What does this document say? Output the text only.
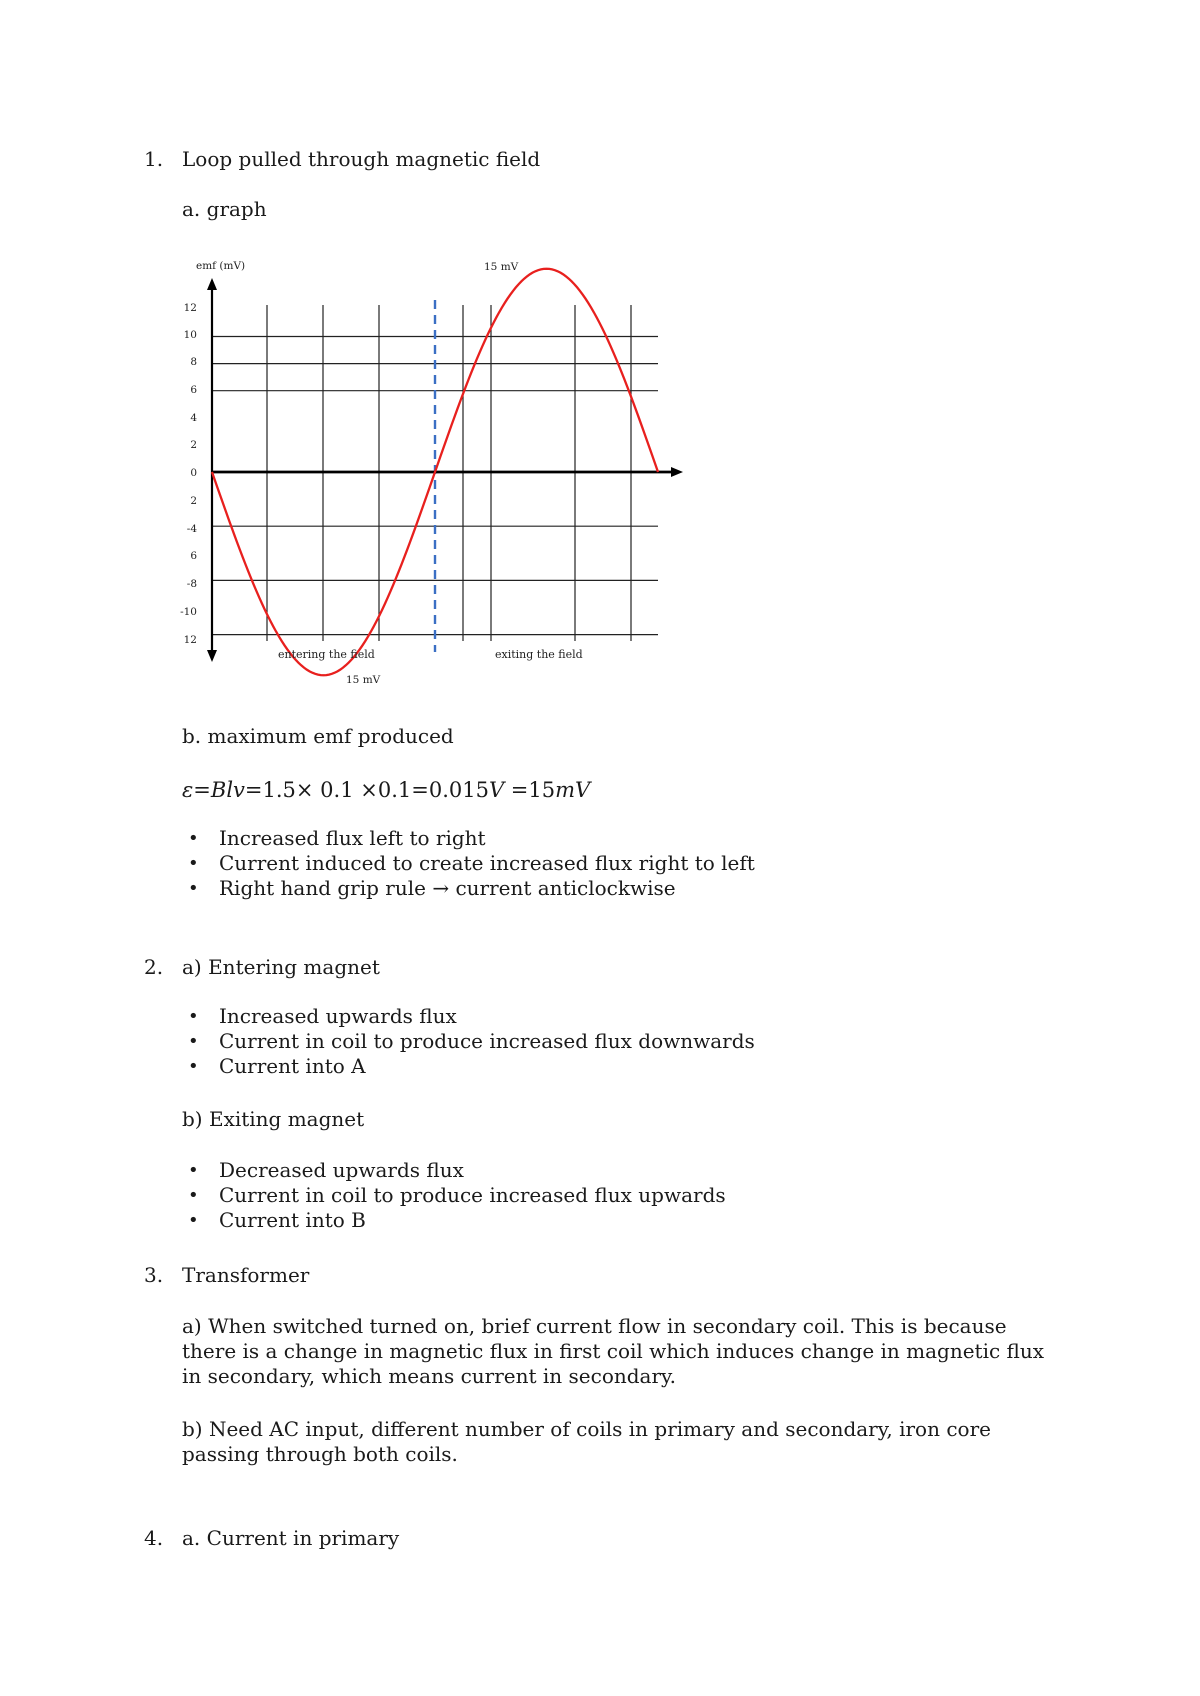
1. Loop pulled through magnetic field
a. graph
emf (mV)
12
10
8
6
4
2
0
2
-4
6
-8
-10
12
15 mV
15 mV
entering the field	exiting the field
b. maximum emf produced
ε=Blv=1.5× 0.1 ×0.1=0.015V =15mV
• Increased flux left to right
• Current induced to create increased flux right to left
• Right hand grip rule → current anticlockwise
2. a) Entering magnet
• Increased upwards flux
• Current in coil to produce increased flux downwards
• Current into A
b) Exiting magnet
• Decreased upwards flux
• Current in coil to produce increased flux upwards
• Current into B
3. Transformer
a) When switched turned on, brief current flow in secondary coil. This is because there is a change in magnetic flux in first coil which induces change in magnetic flux in secondary, which means current in secondary.
b) Need AC input, different number of coils in primary and secondary, iron core passing through both coils.
4. a. Current in primary
